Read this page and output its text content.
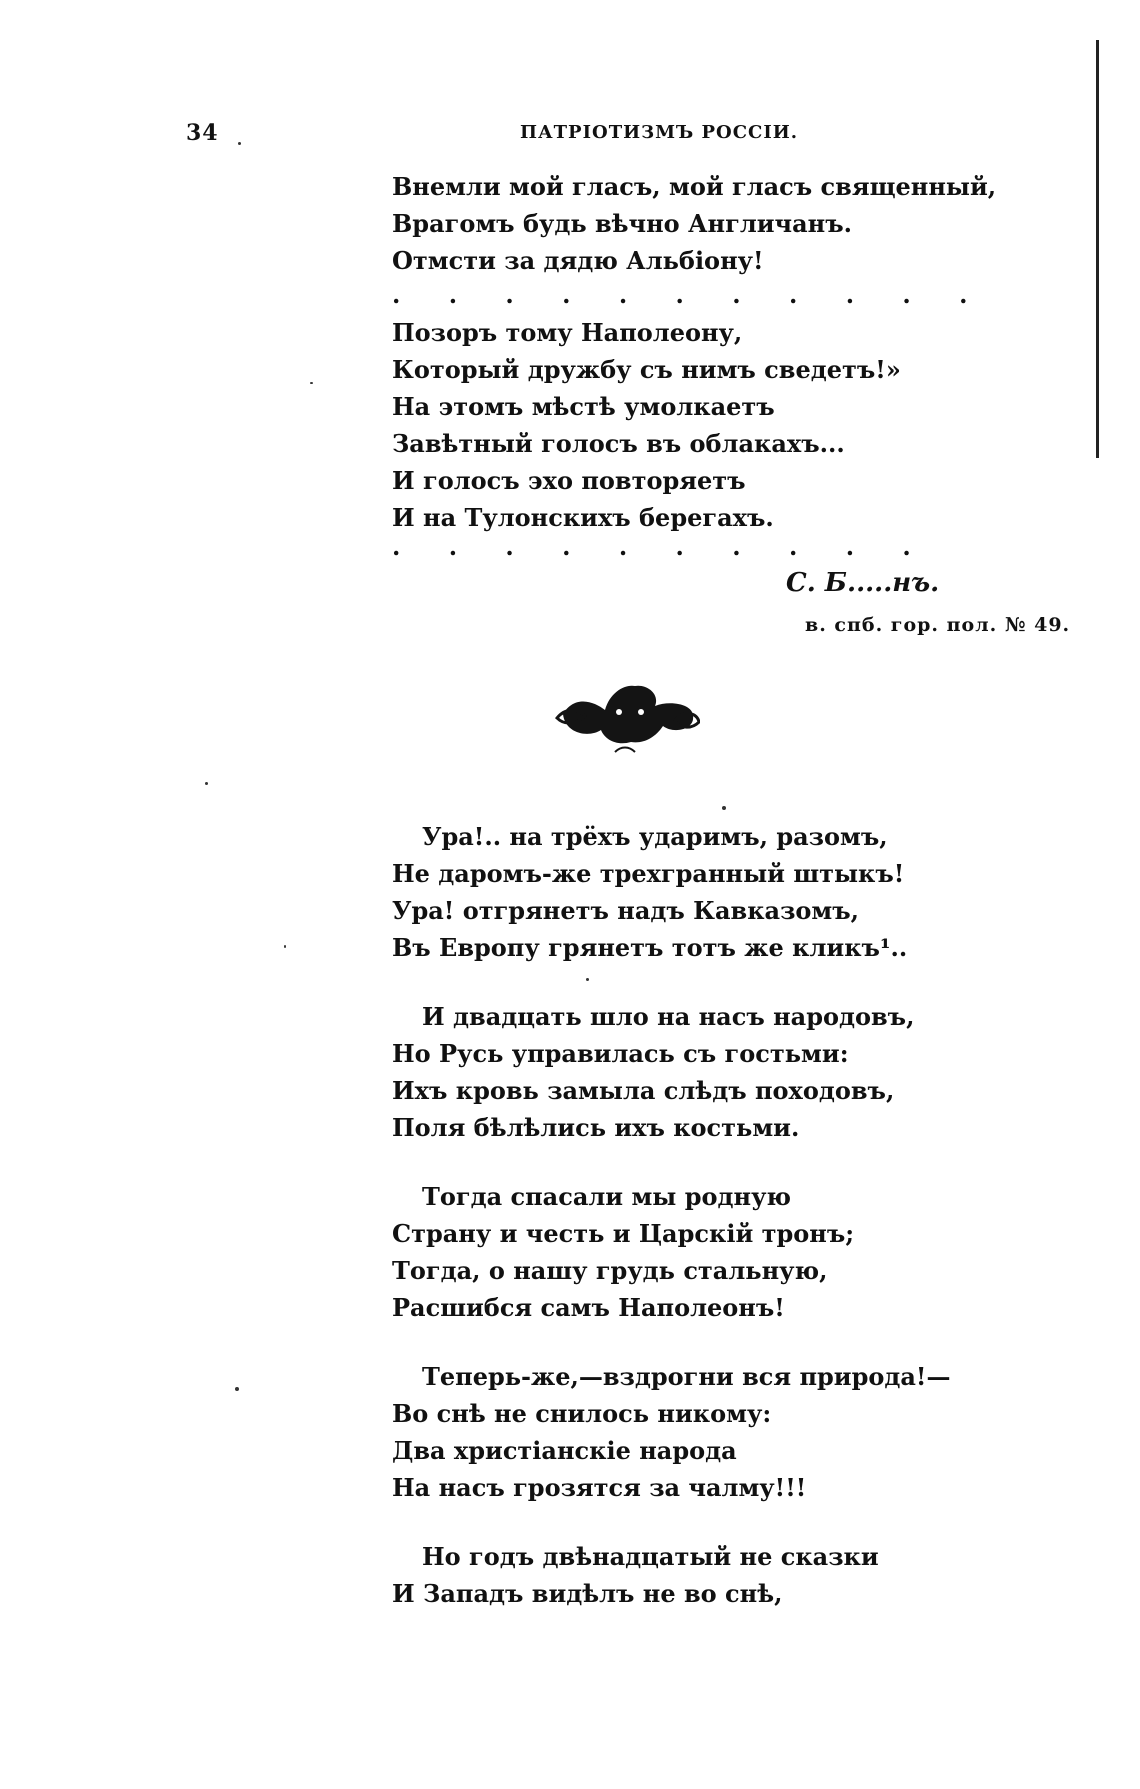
34	ПАТРІОТИЗМЪ РОССІИ.
Внемли мой гласъ, мой гласъ священный,
Врагомъ будь вѣчно Англичанъ.
Отмсти за дядю Альбіону!
. . . . . . . . . . .
Позоръ тому Наполеону,
Который дружбу съ нимъ сведетъ!»
На этомъ мѣстѣ умолкаетъ
Завѣтный голосъ въ облакахъ...
И голосъ эхо повторяетъ
И на Тулонскихъ берегахъ.
. . . . . . . . . .
С. Б.....нъ.
в. спб. гор. пол. № 49.
Ура!.. на трёхъ ударимъ, разомъ,
Не даромъ-же трехгранный штыкъ!
Ура! отгрянетъ надъ Кавказомъ,
Въ Европу грянетъ тотъ же кликъ¹..
И двадцать шло на насъ народовъ,
Но Русь управилась съ гостьми:
Ихъ кровь замыла слѣдъ походовъ,
Поля бѣлѣлись ихъ костьми.
Тогда спасали мы родную
Страну и честь и Царскій тронъ;
Тогда, о нашу грудь стальную,
Расшибся самъ Наполеонъ!
Теперь-же,—вздрогни вся природа!—
Во снѣ не снилось никому:
Два христіанскіе народа
На насъ грозятся за чалму!!!
Но годъ двѣнадцатый не сказки
И Западъ видѣлъ не во снѣ,
